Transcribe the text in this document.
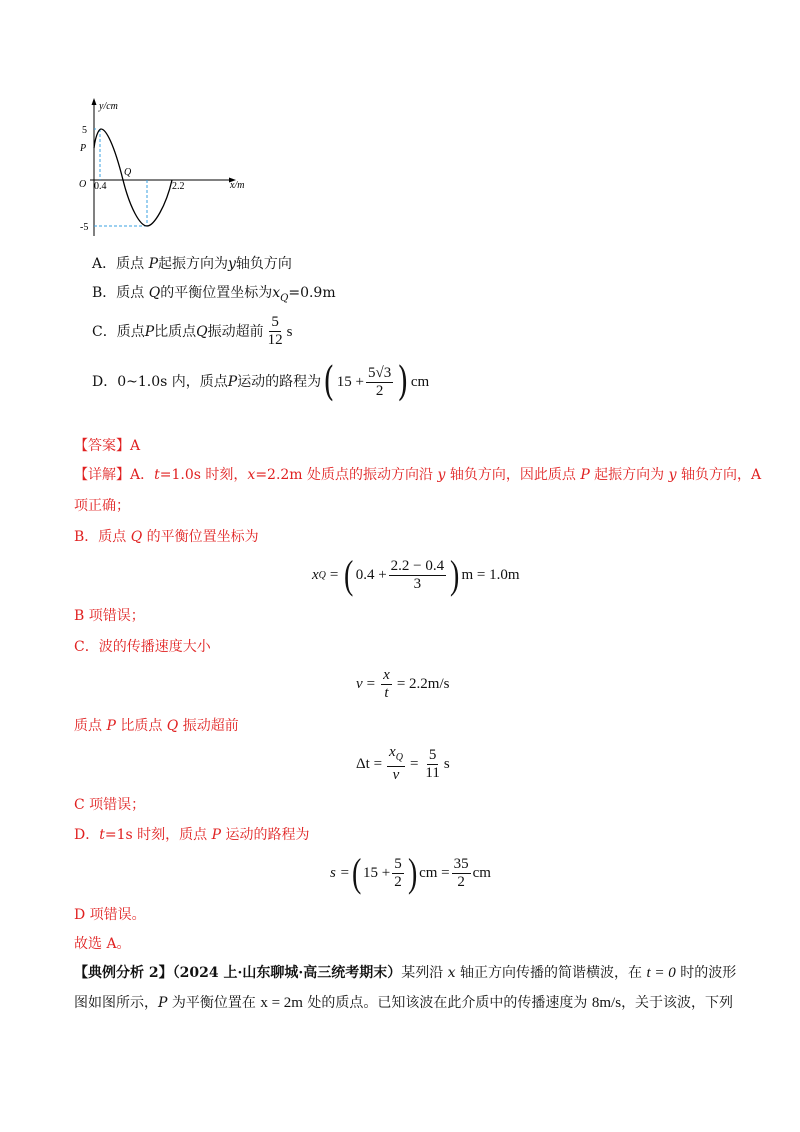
y/cm
x/m
O 0.4	2.2
5
-5
P
Q
A．质点 P起振方向为y轴负方向
B．质点 Q的平衡位置坐标为$x_Q=0.9m$
C．质点 P 比质点 Q 振动超前 $\frac{5}{12}$ s
D．0~1.0s 内，质点 P 运动的路程为 ( $15 + \frac{5√3}{2}$ ) cm
【答案】A
【详解】A．t=1.0s 时刻，x=2.2m 处质点的振动方向沿 y 轴负方向，因此质点 P 起振方向为 y 轴负方向，A
项正确；
B．质点 Q 的平衡位置坐标为
x Q = ( $0.4 + \frac{2.2 - 0.4}{3}$ ) m = 1.0m
B 项错误；
C．波的传播速度大小
$v = \frac{x}{t} = 2.2m/s$
质点 P 比质点 Q 振动超前
$\Delta t = \frac{x_Q}{v} = \frac{5}{11}$ s
C 项错误；
D．t=1s 时刻，质点 P 运动的路程为
s = ( $15 + \frac{5}{2}$ ) cm = $\frac{35}{2}$ cm
D 项错误。
故选 A。
【典例分析 2】（2024 上·山东聊城·高三统考期末）某列沿 x 轴正方向传播的简谐横波，在 t = 0 时的波形
图如图所示，P 为平衡位置在 x = 2m 处的质点。已知该波在此介质中的传播速度为 8m/s，关于该波，下列
